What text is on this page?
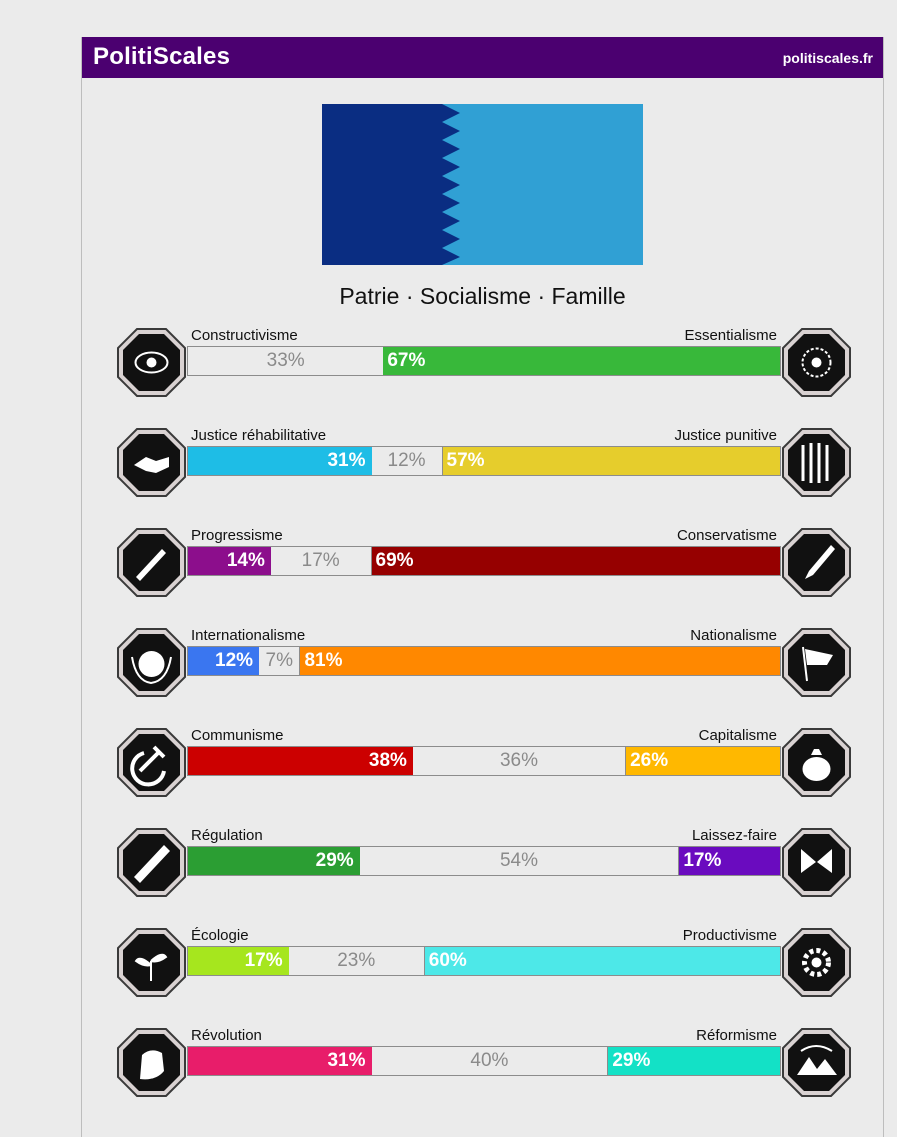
PolitiScales	politiscales.fr
Patrie · Socialisme · Famille
Constructivisme	Essentialisme
33%	67%
Justice réhabilitative	Justice punitive
31%	12%	57%
Progressisme	Conservatisme
14%	17%	69%
Internationalisme	Nationalisme
12% 7% 81%
Communisme	Capitalisme
38%	36%	26%
Régulation	Laissez-faire
29%	54%	17%
Écologie	Productivisme
17%	23%	60%
Révolution	Réformisme
31%	40%	29%
